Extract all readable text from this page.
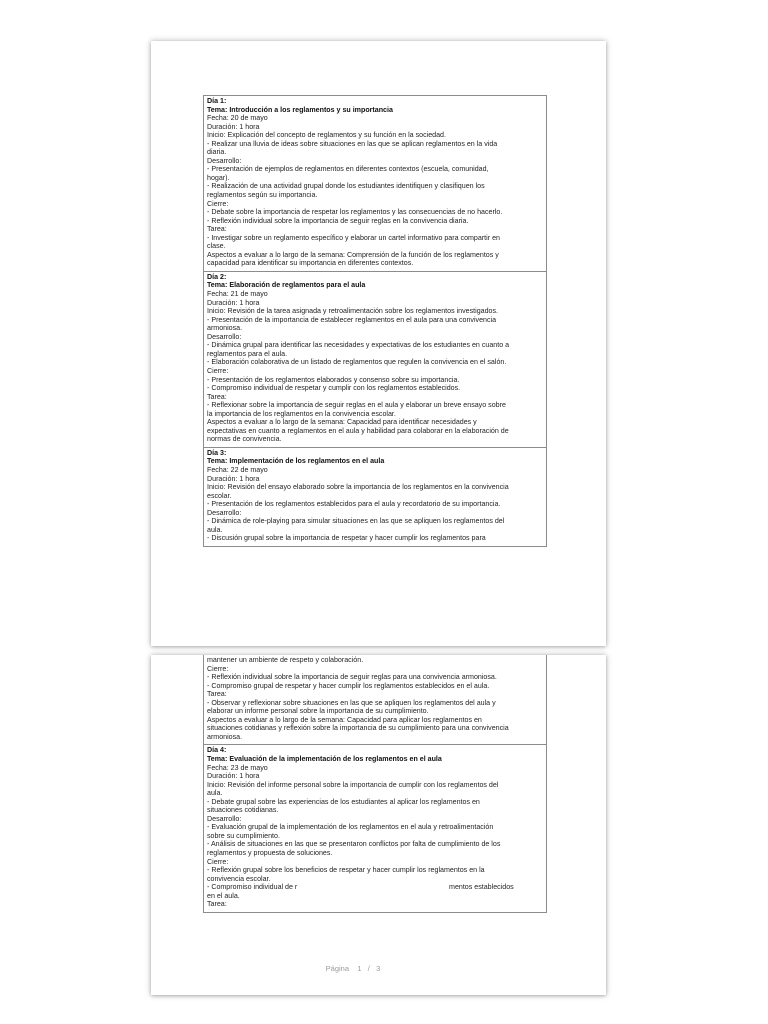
Día 1:
Tema: Introducción a los reglamentos y su importancia
Fecha: 20 de mayo
Duración: 1 hora
Inicio: Explicación del concepto de reglamentos y su función en la sociedad.
- Realizar una lluvia de ideas sobre situaciones en las que se aplican reglamentos en la vida
diaria.
Desarrollo:
- Presentación de ejemplos de reglamentos en diferentes contextos (escuela, comunidad,
hogar).
- Realización de una actividad grupal donde los estudiantes identifiquen y clasifiquen los
reglamentos según su importancia.
Cierre:
- Debate sobre la importancia de respetar los reglamentos y las consecuencias de no hacerlo.
- Reflexión individual sobre la importancia de seguir reglas en la convivencia diaria.
Tarea:
- Investigar sobre un reglamento específico y elaborar un cartel informativo para compartir en
clase.
Aspectos a evaluar a lo largo de la semana: Comprensión de la función de los reglamentos y
capacidad para identificar su importancia en diferentes contextos.
Día 2:
Tema: Elaboración de reglamentos para el aula
Fecha: 21 de mayo
Duración: 1 hora
Inicio: Revisión de la tarea asignada y retroalimentación sobre los reglamentos investigados.
- Presentación de la importancia de establecer reglamentos en el aula para una convivencia
armoniosa.
Desarrollo:
- Dinámica grupal para identificar las necesidades y expectativas de los estudiantes en cuanto a
reglamentos para el aula.
- Elaboración colaborativa de un listado de reglamentos que regulen la convivencia en el salón.
Cierre:
- Presentación de los reglamentos elaborados y consenso sobre su importancia.
- Compromiso individual de respetar y cumplir con los reglamentos establecidos.
Tarea:
- Reflexionar sobre la importancia de seguir reglas en el aula y elaborar un breve ensayo sobre
la importancia de los reglamentos en la convivencia escolar.
Aspectos a evaluar a lo largo de la semana: Capacidad para identificar necesidades y
expectativas en cuanto a reglamentos en el aula y habilidad para colaborar en la elaboración de
normas de convivencia.
Día 3:
Tema: Implementación de los reglamentos en el aula
Fecha: 22 de mayo
Duración: 1 hora
Inicio: Revisión del ensayo elaborado sobre la importancia de los reglamentos en la convivencia
escolar.
- Presentación de los reglamentos establecidos para el aula y recordatorio de su importancia.
Desarrollo:
- Dinámica de role-playing para simular situaciones en las que se apliquen los reglamentos del
aula.
- Discusión grupal sobre la importancia de respetar y hacer cumplir los reglamentos para
mantener un ambiente de respeto y colaboración.
Cierre:
- Reflexión individual sobre la importancia de seguir reglas para una convivencia armoniosa.
- Compromiso grupal de respetar y hacer cumplir los reglamentos establecidos en el aula.
Tarea:
- Observar y reflexionar sobre situaciones en las que se apliquen los reglamentos del aula y
elaborar un informe personal sobre la importancia de su cumplimiento.
Aspectos a evaluar a lo largo de la semana: Capacidad para aplicar los reglamentos en
situaciones cotidianas y reflexión sobre la importancia de su cumplimiento para una convivencia
armoniosa.
Día 4:
Tema: Evaluación de la implementación de los reglamentos en el aula
Fecha: 23 de mayo
Duración: 1 hora
Inicio: Revisión del informe personal sobre la importancia de cumplir con los reglamentos del
aula.
- Debate grupal sobre las experiencias de los estudiantes al aplicar los reglamentos en
situaciones cotidianas.
Desarrollo:
- Evaluación grupal de la implementación de los reglamentos en el aula y retroalimentación
sobre su cumplimiento.
- Análisis de situaciones en las que se presentaron conflictos por falta de cumplimiento de los
reglamentos y propuesta de soluciones.
Cierre:
- Reflexión grupal sobre los beneficios de respetar y hacer cumplir los reglamentos en la
convivencia escolar.
- Compromiso individual de r                                                                             mentos establecidos
en el aula.
Tarea:
Página 1 / 3
